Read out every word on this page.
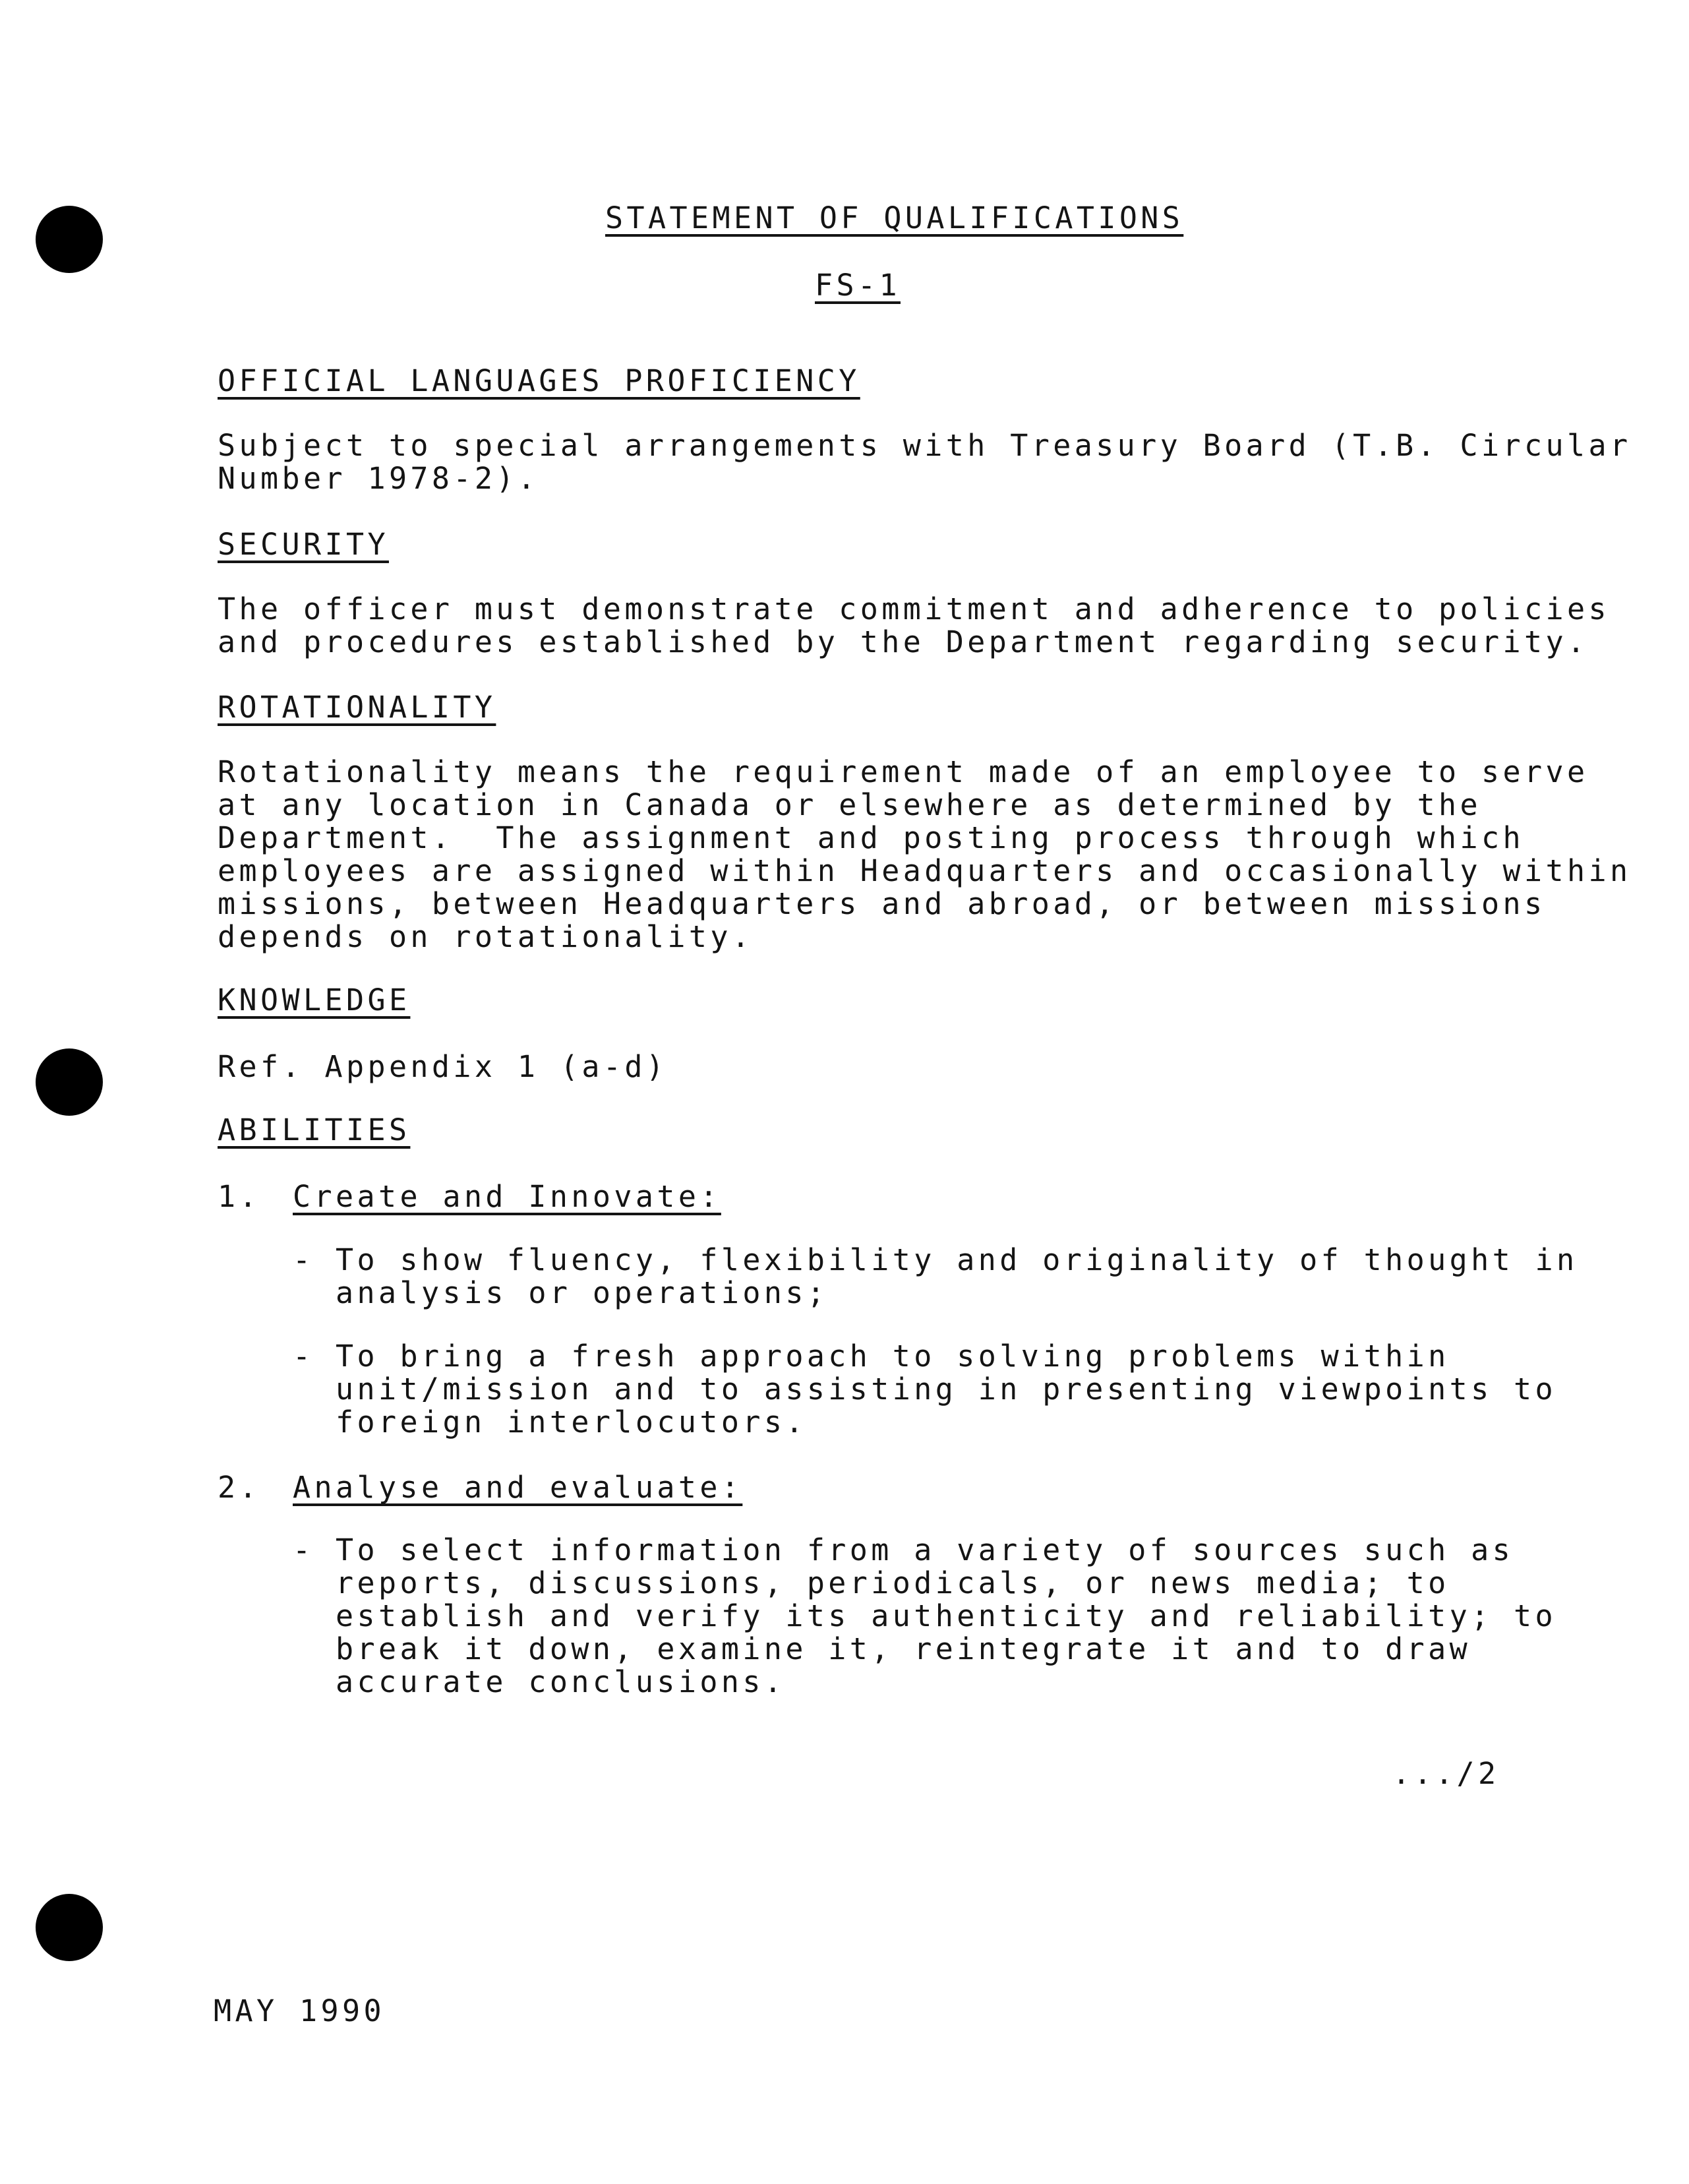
STATEMENT OF QUALIFICATIONS
FS-1
OFFICIAL LANGUAGES PROFICIENCY
Subject to special arrangements with Treasury Board (T.B. Circular
Number 1978-2).
SECURITY
The officer must demonstrate commitment and adherence to policies
and procedures established by the Department regarding security.
ROTATIONALITY
Rotationality means the requirement made of an employee to serve
at any location in Canada or elsewhere as determined by the
Department.  The assignment and posting process through which
employees are assigned within Headquarters and occasionally within
missions, between Headquarters and abroad, or between missions
depends on rotationality.
KNOWLEDGE
Ref. Appendix 1 (a-d)
ABILITIES
1. Create and Innovate:
- To show fluency, flexibility and originality of thought in
analysis or operations;
- To bring a fresh approach to solving problems within
unit/mission and to assisting in presenting viewpoints to
foreign interlocutors.
2. Analyse and evaluate:
- To select information from a variety of sources such as
reports, discussions, periodicals, or news media; to
establish and verify its authenticity and reliability; to
break it down, examine it, reintegrate it and to draw
accurate conclusions.
.../2
MAY 1990
